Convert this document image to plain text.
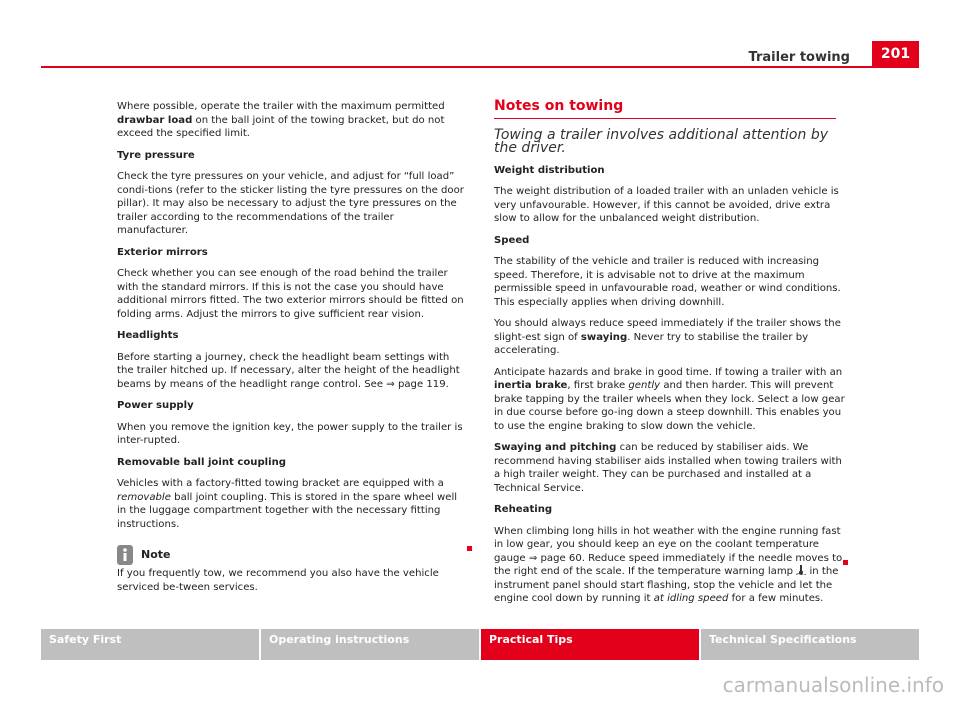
Trailer towing	201

Where possible, operate the trailer with the maximum permitted drawbar load on the ball joint of the towing bracket, but do not exceed the specified limit.

Tyre pressure

Check the tyre pressures on your vehicle, and adjust for “full load” condi-tions (refer to the sticker listing the tyre pressures on the door pillar). It may also be necessary to adjust the tyre pressures on the trailer according to the recommendations of the trailer manufacturer.

Exterior mirrors

Check whether you can see enough of the road behind the trailer with the standard mirrors. If this is not the case you should have additional mirrors fitted. The two exterior mirrors should be fitted on folding arms. Adjust the mirrors to give sufficient rear vision.

Headlights

Before starting a journey, check the headlight beam settings with the trailer hitched up. If necessary, alter the height of the headlight beams by means of the headlight range control. See ⇒ page 119.

Power supply

When you remove the ignition key, the power supply to the trailer is inter-rupted.

Removable ball joint coupling

Vehicles with a factory-fitted towing bracket are equipped with a removable ball joint coupling. This is stored in the spare wheel well in the luggage compartment together with the necessary fitting instructions.

Note

If you frequently tow, we recommend you also have the vehicle serviced be-tween services.

Notes on towing

Towing a trailer involves additional attention by the driver.

Weight distribution

The weight distribution of a loaded trailer with an unladen vehicle is very unfavourable. However, if this cannot be avoided, drive extra slow to allow for the unbalanced weight distribution.

Speed

The stability of the vehicle and trailer is reduced with increasing speed. Therefore, it is advisable not to drive at the maximum permissible speed in unfavourable road, weather or wind conditions. This especially applies when driving downhill.

You should always reduce speed immediately if the trailer shows the slight-est sign of swaying. Never try to stabilise the trailer by accelerating.

Anticipate hazards and brake in good time. If towing a trailer with an inertia brake, first brake gently and then harder. This will prevent brake tapping by the trailer wheels when they lock. Select a low gear in due course before go-ing down a steep downhill. This enables you to use the engine braking to slow down the vehicle.

Swaying and pitching can be reduced by stabiliser aids. We recommend having stabiliser aids installed when towing trailers with a high trailer weight. They can be purchased and installed at a Technical Service.

Reheating

When climbing long hills in hot weather with the engine running fast in low gear, you should keep an eye on the coolant temperature gauge ⇒ page 60. Reduce speed immediately if the needle moves to the right end of the scale. If the temperature warning lamp  in the instrument panel should start flashing, stop the vehicle and let the engine cool down by running it at idling speed for a few minutes.

Safety First	Operating instructions	Practical Tips	Technical Specifications
carmanualsonline.info
